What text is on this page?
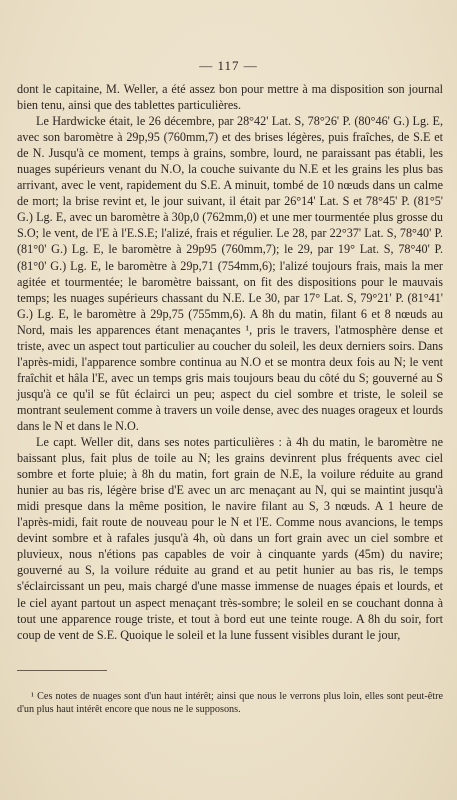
— 117 —

dont le capitaine, M. Weller, a été assez bon pour mettre à ma disposition son journal bien tenu, ainsi que des tablettes particulières.

Le Hardwicke était, le 26 décembre, par 28°42' Lat. S, 78°26' P. (80°46' G.) Lg. E, avec son baromètre à 29p,95 (760mm,7) et des brises légères, puis fraîches, de S.E et de N. Jusqu'à ce moment, temps à grains, sombre, lourd, ne paraissant pas établi, les nuages supérieurs venant du N.O, la couche suivante du N.E et les grains les plus bas arrivant, avec le vent, rapidement du S.E. A minuit, tombé de 10 nœuds dans un calme de mort; la brise revint et, le jour suivant, il était par 26°14' Lat. S et 78°45' P. (81°5' G.) Lg. E, avec un baromètre à 30p,0 (762mm,0) et une mer tourmentée plus grosse du S.O; le vent, de l'E à l'E.S.E; l'alizé, frais et régulier. Le 28, par 22°37' Lat. S, 78°40' P. (81°0' G.) Lg. E, le baromètre à 29p95 (760mm,7); le 29, par 19° Lat. S, 78°40' P. (81°0' G.) Lg. E, le baromètre à 29p,71 (754mm,6); l'alizé toujours frais, mais la mer agitée et tourmentée; le baromètre baissant, on fit des dispositions pour le mauvais temps; les nuages supérieurs chassant du N.E. Le 30, par 17° Lat. S, 79°21' P. (81°41' G.) Lg. E, le baromètre à 29p,75 (755mm,6). A 8h du matin, filant 6 et 8 nœuds au Nord, mais les apparences étant menaçantes ¹, pris le travers, l'atmosphère dense et triste, avec un aspect tout particulier au coucher du soleil, les deux derniers soirs. Dans l'après-midi, l'apparence sombre continua au N.O et se montra deux fois au N; le vent fraîchit et hâla l'E, avec un temps gris mais toujours beau du côté du S; gouverné au S jusqu'à ce qu'il se fût éclairci un peu; aspect du ciel sombre et triste, le soleil se montrant seulement comme à travers un voile dense, avec des nuages orageux et lourds dans le N et dans le N.O.

Le capt. Weller dit, dans ses notes particulières : à 4h du matin, le baromètre ne baissant plus, fait plus de toile au N; les grains devinrent plus fréquents avec ciel sombre et forte pluie; à 8h du matin, fort grain de N.E, la voilure réduite au grand hunier au bas ris, légère brise d'E avec un arc menaçant au N, qui se maintint jusqu'à midi presque dans la même position, le navire filant au S, 3 nœuds. A 1 heure de l'après-midi, fait route de nouveau pour le N et l'E. Comme nous avancions, le temps devint sombre et à rafales jusqu'à 4h, où dans un fort grain avec un ciel sombre et pluvieux, nous n'étions pas capables de voir à cinquante yards (45m) du navire; gouverné au S, la voilure réduite au grand et au petit hunier au bas ris, le temps s'éclaircissant un peu, mais chargé d'une masse immense de nuages épais et lourds, et le ciel ayant partout un aspect menaçant très-sombre; le soleil en se couchant donna à tout une apparence rouge triste, et tout à bord eut une teinte rouge. A 8h du soir, fort coup de vent de S.E. Quoique le soleil et la lune fussent visibles durant le jour,

¹ Ces notes de nuages sont d'un haut intérêt; ainsi que nous le verrons plus loin, elles sont peut-être d'un plus haut intérêt encore que nous ne le supposons.
